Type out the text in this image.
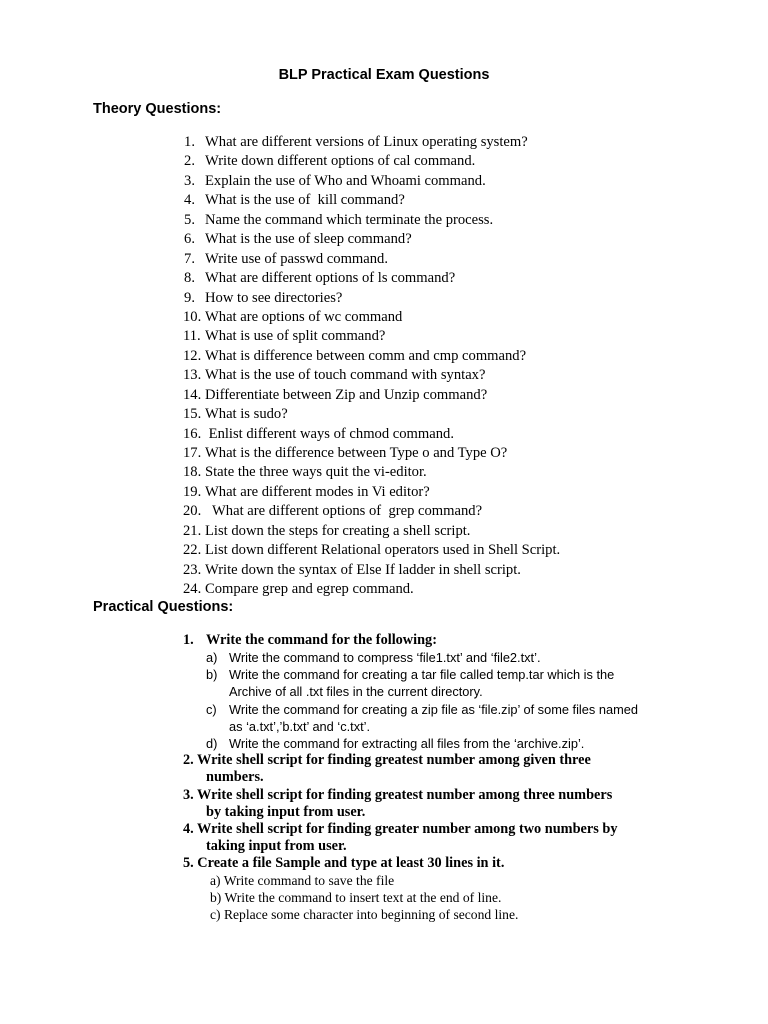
BLP Practical Exam Questions
Theory Questions:
1. What are different versions of Linux operating system?
2. Write down different options of cal command.
3. Explain the use of Who and Whoami command.
4. What is the use of  kill command?
5. Name the command which terminate the process.
6. What is the use of sleep command?
7. Write use of passwd command.
8. What are different options of ls command?
9. How to see directories?
10. What are options of wc command
11. What is use of split command?
12. What is difference between comm and cmp command?
13. What is the use of touch command with syntax?
14. Differentiate between Zip and Unzip command?
15. What is sudo?
16. Enlist different ways of chmod command.
17. What is the difference between Type o and Type O?
18. State the three ways quit the vi-editor.
19. What are different modes in Vi editor?
20. What are different options of  grep command?
21. List down the steps for creating a shell script.
22. List down different Relational operators used in Shell Script.
23. Write down the syntax of Else If ladder in shell script.
24. Compare grep and egrep command.
Practical Questions:
1. Write the command for the following:
a) Write the command to compress ‘file1.txt’ and ‘file2.txt’.
b) Write the command for creating a tar file called temp.tar which is the
Archive of all .txt files in the current directory.
c) Write the command for creating a zip file as ‘file.zip’ of some files named
as ‘a.txt’,’b.txt’ and ‘c.txt’.
d) Write the command for extracting all files from the ‘archive.zip’.
2. Write shell script for finding greatest number among given three
numbers.
3. Write shell script for finding greatest number among three numbers
by taking input from user.
4. Write shell script for finding greater number among two numbers by
taking input from user.
5. Create a file Sample and type at least 30 lines in it.
a) Write command to save the file
b) Write the command to insert text at the end of line.
c) Replace some character into beginning of second line.
